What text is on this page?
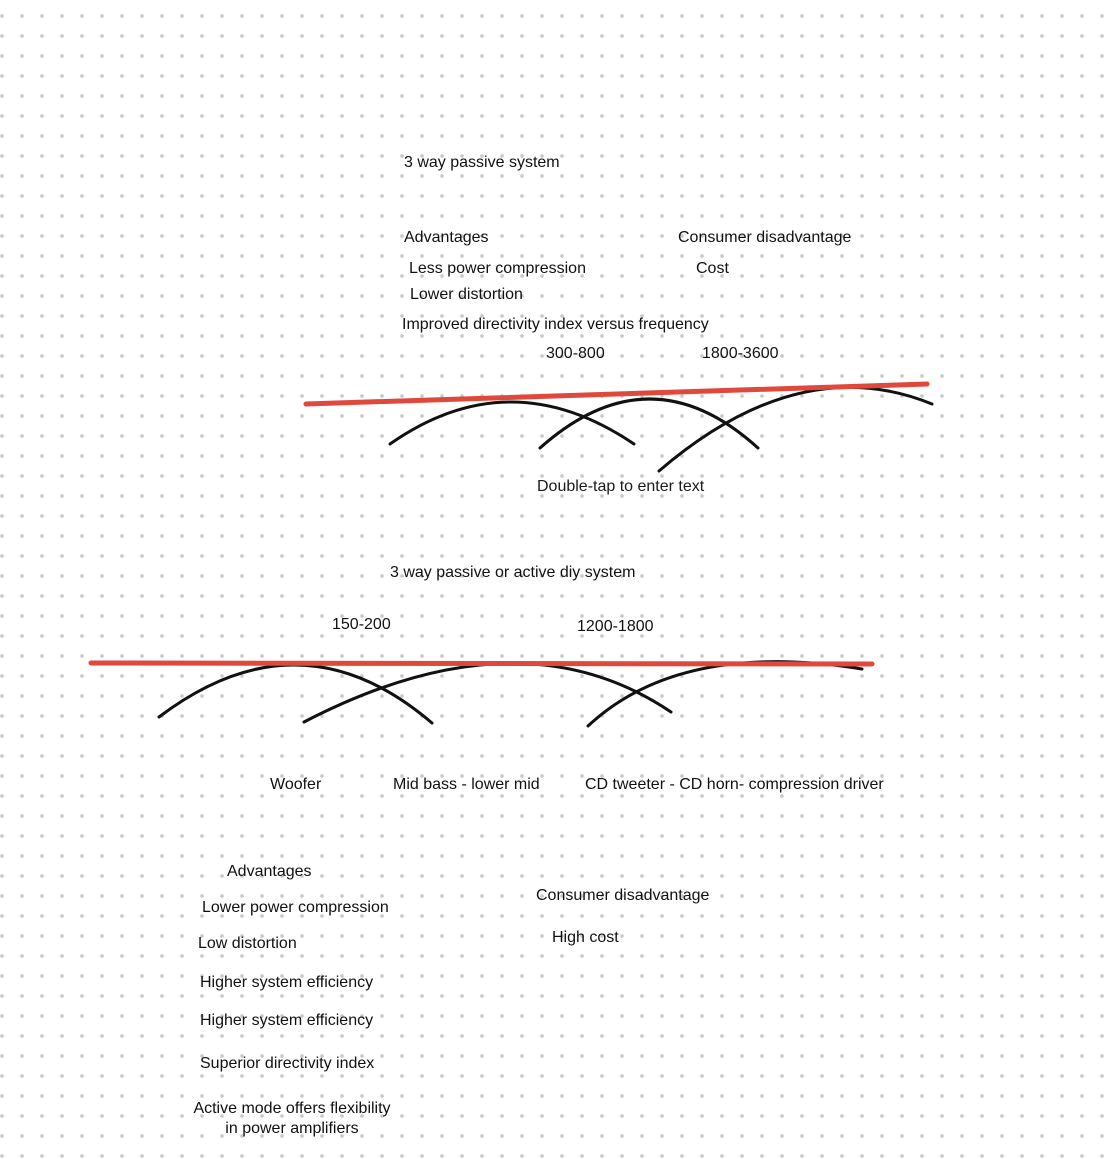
3 way passive system
Advantages
Less power compression
Lower distortion
Improved directivity index versus frequency
Consumer disadvantage
Cost
300-800	1800-3600
Double-tap to enter text
3 way passive or active diy system
150-200	1200-1800
Woofer	Mid bass - lower mid	CD tweeter - CD horn- compression driver
Advantages
Lower power compression
Low distortion
Higher system efficiency
Higher system efficiency
Superior directivity index
Active mode offers flexibility
in power amplifiers
Consumer disadvantage
High cost
